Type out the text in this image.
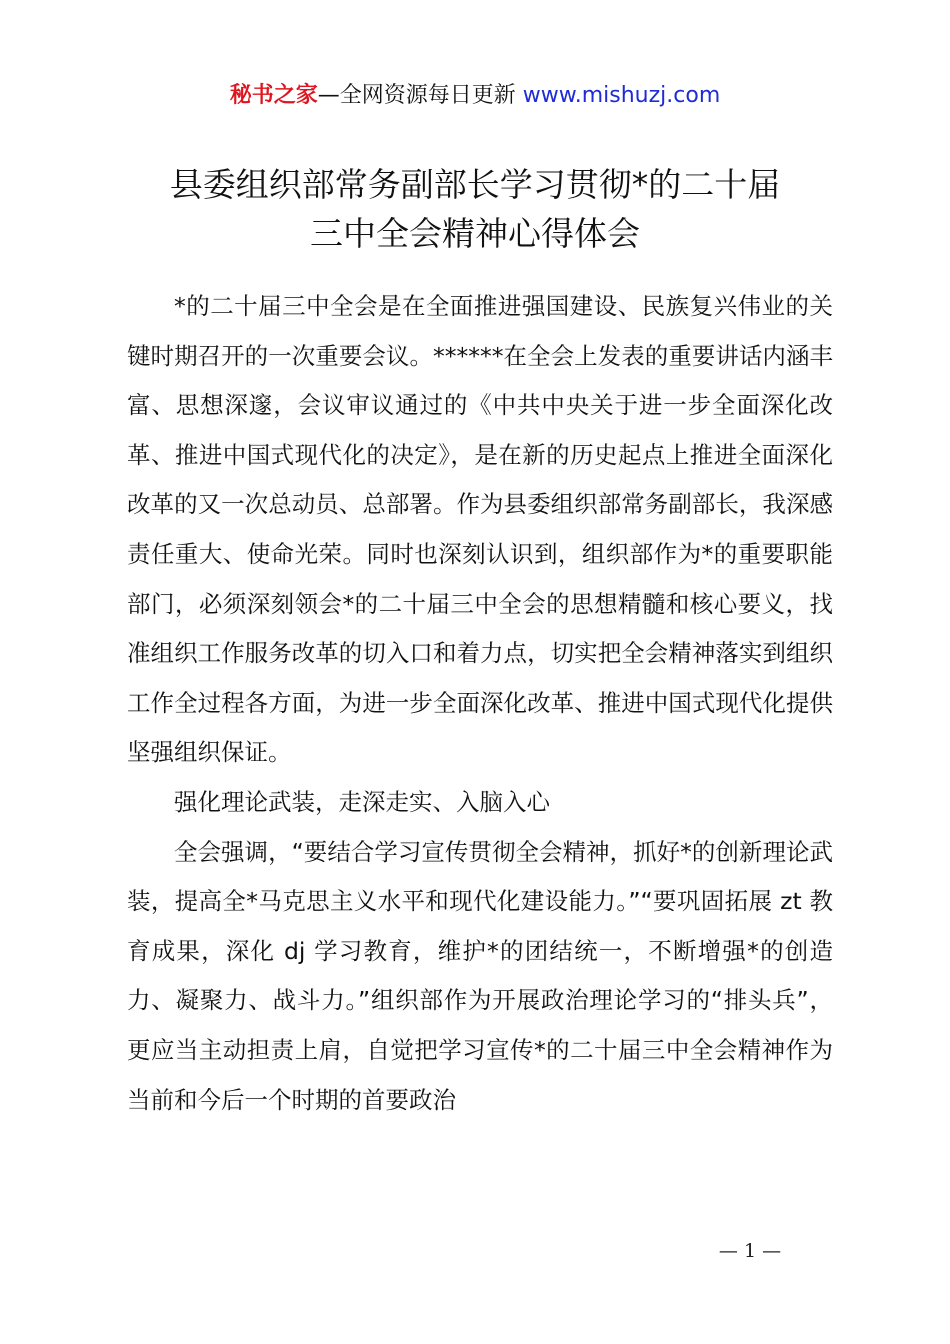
秘书之家—全网资源每日更新 www.mishuzj.com
县委组织部常务副部长学习贯彻*的二十届
三中全会精神心得体会

*的二十届三中全会是在全面推进强国建设、民族复兴伟业的关键时期召开的一次重要会议。******在全会上发表的重要讲话内涵丰富、思想深邃，会议审议通过的《中共中央关于进一步全面深化改革、推进中国式现代化的决定》，是在新的历史起点上推进全面深化改革的又一次总动员、总部署。作为县委组织部常务副部长，我深感责任重大、使命光荣。同时也深刻认识到，组织部作为*的重要职能部门，必须深刻领会*的二十届三中全会的思想精髓和核心要义，找准组织工作服务改革的切入口和着力点，切实把全会精神落实到组织工作全过程各方面，为进一步全面深化改革、推进中国式现代化提供坚强组织保证。

强化理论武装，走深走实、入脑入心

全会强调，“要结合学习宣传贯彻全会精神，抓好*的创新理论武装，提高全*马克思主义水平和现代化建设能力。”“要巩固拓展 zt 教育成果，深化 dj 学习教育，维护*的团结统一，不断增强*的创造力、凝聚力、战斗力。”组织部作为开展政治理论学习的“排头兵”，更应当主动担责上肩，自觉把学习宣传*的二十届三中全会精神作为当前和今后一个时期的首要政治

— 1 —
